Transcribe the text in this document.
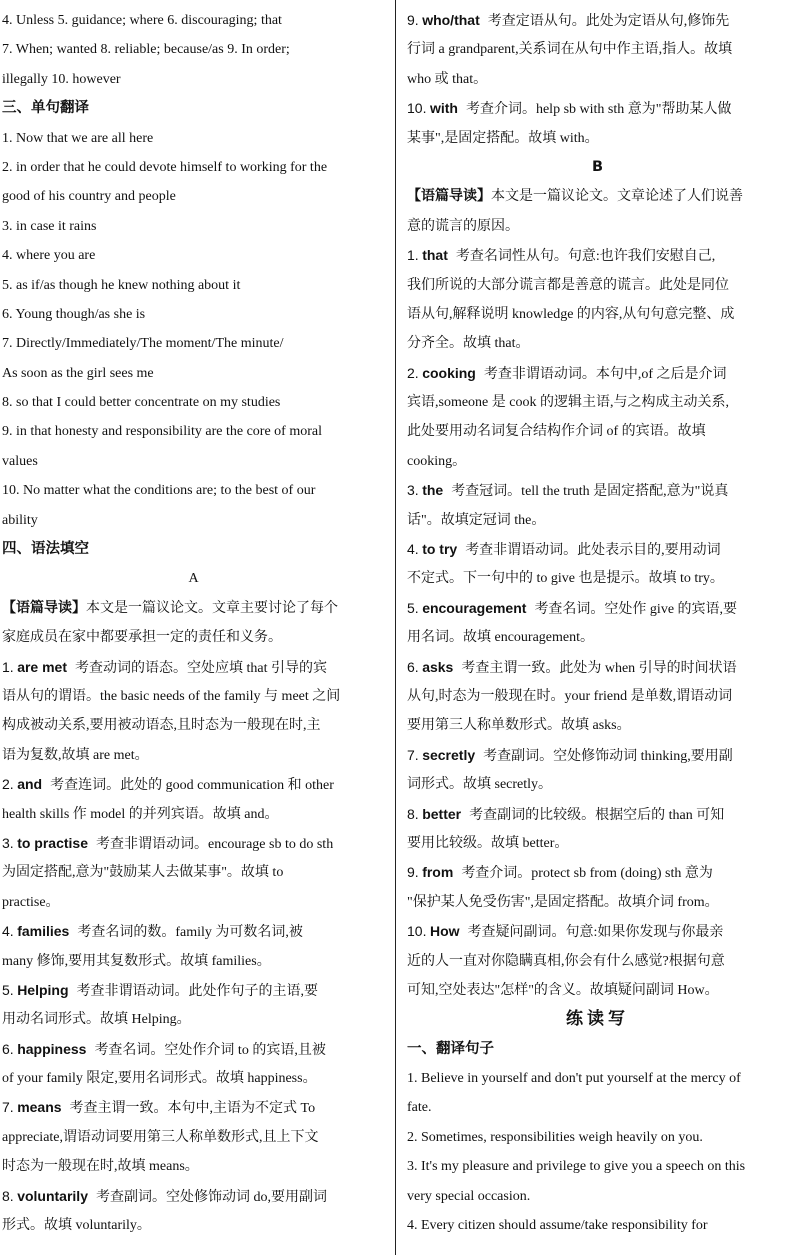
4. Unless 5. guidance; where 6. discouraging; that
7. When; wanted 8. reliable; because/as 9. In order;
illegally 10. however
三、单句翻译
1. Now that we are all here
2. in order that he could devote himself to working for the
good of his country and people
3. in case it rains
4. where you are
5. as if/as though he knew nothing about it
6. Young though/as she is
7. Directly/Immediately/The moment/The minute/
As soon as the girl sees me
8. so that I could better concentrate on my studies
9. in that honesty and responsibility are the core of moral
values
10. No matter what the conditions are; to the best of our
ability
四、语法填空
A
【语篇导读】本文是一篇议论文。文章主要讨论了每个
家庭成员在家中都要承担一定的责任和义务。
1. are met 考查动词的语态。空处应填 that 引导的宾
语从句的谓语。the basic needs of the family 与 meet 之间
构成被动关系,要用被动语态,且时态为一般现在时,主
语为复数,故填 are met。
2. and 考查连词。此处的 good communication 和 other
health skills 作 model 的并列宾语。故填 and。
3. to practise 考查非谓语动词。encourage sb to do sth
为固定搭配,意为"鼓励某人去做某事"。故填 to
practise。
4. families 考查名词的数。family 为可数名词,被
many 修饰,要用其复数形式。故填 families。
5. Helping 考查非谓语动词。此处作句子的主语,要
用动名词形式。故填 Helping。
6. happiness 考查名词。空处作介词 to 的宾语,且被
of your family 限定,要用名词形式。故填 happiness。
7. means 考查主谓一致。本句中,主语为不定式 To
appreciate,谓语动词要用第三人称单数形式,且上下文
时态为一般现在时,故填 means。
8. voluntarily 考查副词。空处修饰动词 do,要用副词
形式。故填 voluntarily。
9. who/that 考查定语从句。此处为定语从句,修饰先
行词 a grandparent,关系词在从句中作主语,指人。故填
who 或 that。
10. with 考查介词。help sb with sth 意为"帮助某人做
某事",是固定搭配。故填 with。
B
【语篇导读】本文是一篇议论文。文章论述了人们说善
意的谎言的原因。
1. that 考查名词性从句。句意:也许我们安慰自己,
我们所说的大部分谎言都是善意的谎言。此处是同位
语从句,解释说明 knowledge 的内容,从句句意完整、成
分齐全。故填 that。
2. cooking 考查非谓语动词。本句中,of 之后是介词
宾语,someone 是 cook 的逻辑主语,与之构成主动关系,
此处要用动名词复合结构作介词 of 的宾语。故填
cooking。
3. the 考查冠词。tell the truth 是固定搭配,意为"说真
话"。故填定冠词 the。
4. to try 考查非谓语动词。此处表示目的,要用动词
不定式。下一句中的 to give 也是提示。故填 to try。
5. encouragement 考查名词。空处作 give 的宾语,要
用名词。故填 encouragement。
6. asks 考查主谓一致。此处为 when 引导的时间状语
从句,时态为一般现在时。your friend 是单数,谓语动词
要用第三人称单数形式。故填 asks。
7. secretly 考查副词。空处修饰动词 thinking,要用副
词形式。故填 secretly。
8. better 考查副词的比较级。根据空后的 than 可知
要用比较级。故填 better。
9. from 考查介词。protect sb from (doing) sth 意为
"保护某人免受伤害",是固定搭配。故填介词 from。
10. How 考查疑问副词。句意:如果你发现与你最亲
近的人一直对你隐瞒真相,你会有什么感觉?根据句意
可知,空处表达"怎样"的含义。故填疑问副词 How。
练读写
一、翻译句子
1. Believe in yourself and don't put yourself at the mercy of
fate.
2. Sometimes, responsibilities weigh heavily on you.
3. It's my pleasure and privilege to give you a speech on this
very special occasion.
4. Every citizen should assume/take responsibility for
